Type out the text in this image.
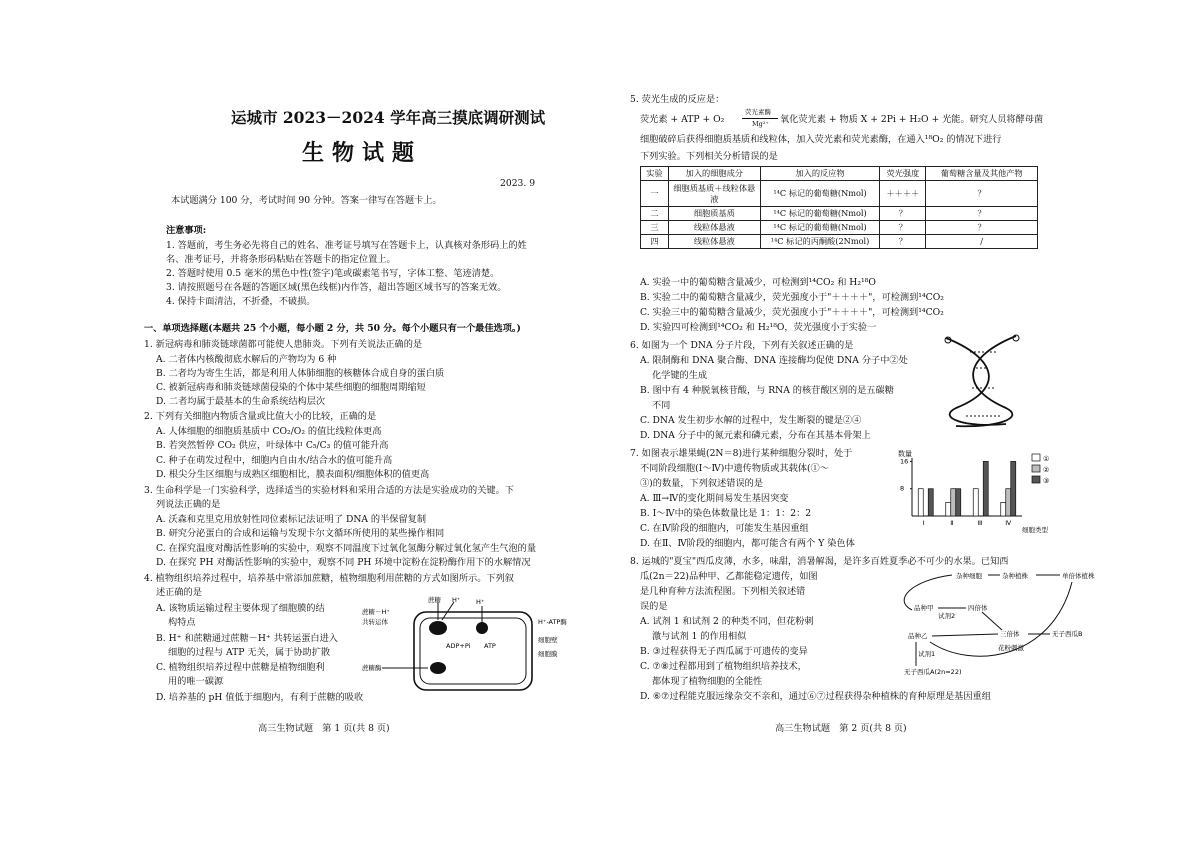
运城市 2023－2024 学年高三摸底调研测试
生物试题
2023. 9
本试题满分 100 分，考试时间 90 分钟。答案一律写在答题卡上。
注意事项:
1. 答题前，考生务必先将自己的姓名、准考证号填写在答题卡上，认真核对条形码上的姓
名、准考证号，并将条形码粘贴在答题卡的指定位置上。
2. 答题时使用 0.5 毫米的黑色中性(签字)笔或碳素笔书写，字体工整、笔迹清楚。
3. 请按照题号在各题的答题区域(黑色线框)内作答，超出答题区域书写的答案无效。
4. 保持卡面清洁，不折叠，不破损。
一、单项选择题(本题共 25 个小题，每小题 2 分，共 50 分。每个小题只有一个最佳选项。)
1. 新冠病毒和肺炎链球菌都可能使人患肺炎。下列有关说法正确的是
A. 二者体内核酸彻底水解后的产物均为 6 种
B. 二者均为寄生生活，都是利用人体肺细胞的核糖体合成自身的蛋白质
C. 被新冠病毒和肺炎链球菌侵染的个体中某些细胞的细胞周期缩短
D. 二者均属于最基本的生命系统结构层次
2. 下列有关细胞内物质含量或比值大小的比较，正确的是
A. 人体细胞的细胞质基质中 CO₂/O₂ 的值比线粒体更高
B. 若突然暂停 CO₂ 供应，叶绿体中 C₅/C₃ 的值可能升高
C. 种子在萌发过程中，细胞内自由水/结合水的值可能升高
D. 根尖分生区细胞与成熟区细胞相比，膜表面积/细胞体积的值更高
3. 生命科学是一门实验科学，选择适当的实验材料和采用合适的方法是实验成功的关键。下
列说法正确的是
A. 沃森和克里克用放射性同位素标记法证明了 DNA 的半保留复制
B. 研究分泌蛋白的合成和运输与发现卡尔文循环所使用的某些操作相同
C. 在探究温度对酶活性影响的实验中，观察不同温度下过氧化氢酶分解过氧化氢产生气泡的量
D. 在探究 PH 对酶活性影响的实验中，观察不同 PH 环境中淀粉在淀粉酶作用下的水解情况
4. 植物组织培养过程中，培养基中常添加蔗糖，植物细胞利用蔗糖的方式如图所示。下列叙
述正确的是
A. 该物质运输过程主要体现了细胞膜的结
构特点
B. H⁺ 和蔗糖通过蔗糖－H⁺ 共转运蛋白进入
细胞的过程与 ATP 无关，属于协助扩散
C. 植物组织培养过程中蔗糖是植物细胞利
用的唯一碳源
D. 培养基的 pH 值低于细胞内，有利于蔗糖的吸收
蔗糖－H⁺
共转运体
蔗糖 H⁺ H⁺
H⁺-ATP酶
细胞壁
细胞膜
ADP+Pi ATP
蔗糖酶
高三生物试题　第 1 页(共 8 页)
5. 荧光生成的反应是：
荧光素 + ATP + O₂
荧光素酶
Mg²⁺ 氧化荧光素 + 物质 X + 2Pi + H₂O + 光能。研究人员将酵母菌
细胞破碎后获得细胞质基质和线粒体，加入荧光素和荧光素酶，在通入¹⁸O₂ 的情况下进行
下列实验。下列相关分析错误的是
实验	加入的细胞成分	加入的反应物	荧光强度	葡萄糖含量及其他产物
一	细胞质基质＋线粒体悬液	¹⁴C 标记的葡萄糖(Nmol)	＋＋＋＋	？
二	细胞质基质	¹⁴C 标记的葡萄糖(Nmol)	？	？
三	线粒体悬液	¹⁴C 标记的葡萄糖(Nmol)	？	？
四	线粒体悬液	¹⁴C 标记的丙酮酸(2Nmol)	？	/
A. 实验一中的葡萄糖含量减少，可检测到¹⁴CO₂ 和 H₂¹⁸O
B. 实验二中的葡萄糖含量减少，荧光强度小于"＋＋＋＋"，可检测到¹⁴CO₂
C. 实验三中的葡萄糖含量减少，荧光强度小于"＋＋＋＋"，可检测到¹⁴CO₂
D. 实验四可检测到¹⁴CO₂ 和 H₂¹⁸O，荧光强度小于实验一
6. 如图为一个 DNA 分子片段，下列有关叙述正确的是
A. 限制酶和 DNA 聚合酶、DNA 连接酶均促使 DNA 分子中②处
化学键的生成
B. 图中有 4 种脱氧核苷酸，与 RNA 的核苷酸区别的是五碳糖
不同
C. DNA 发生初步水解的过程中，发生断裂的键是②④
D. DNA 分子中的氮元素和磷元素，分布在其基本骨架上
7. 如图表示雄果蝇(2N＝8)进行某种细胞分裂时，处于
不同阶段细胞(Ⅰ～Ⅳ)中遗传物质或其载体(①～
③)的数量，下列叙述错误的是
A. Ⅲ→Ⅳ的变化期间易发生基因突变
B. Ⅰ～Ⅳ中的染色体数量比是 1：1：2：2
C. 在Ⅳ阶段的细胞内，可能发生基因重组
D. 在Ⅱ、Ⅳ阶段的细胞内，都可能含有两个 Y 染色体
数量
细胞类型
Ⅰ	Ⅱ	Ⅲ	Ⅳ
8
16	①
②
③
8. 运城的"夏宝"西瓜皮薄，水多，味甜，消暑解渴，是许多百姓夏季必不可少的水果。已知西
瓜(2n＝22)品种甲、乙都能稳定遗传，如图
是几种育种方法流程图。下列相关叙述错
误的是
A. 试剂 1 和试剂 2 的种类不同，但花粉刺
激与试剂 1 的作用相似
B. ③过程获得无子西瓜属于可遗传的变异
C. ⑦⑧过程都用到了植物组织培养技术，
都体现了植物细胞的全能性
D. ⑥⑦过程能克服远缘杂交不亲和，通过⑥⑦过程获得杂种植株的育种原理是基因重组
杂种细胞	杂种植株	单倍体植株
品种甲
试剂2
四倍体
品种乙	三倍体	无子西瓜B
试剂1
花粉刺激
无子西瓜A(2n=22)
高三生物试题　第 2 页(共 8 页)
